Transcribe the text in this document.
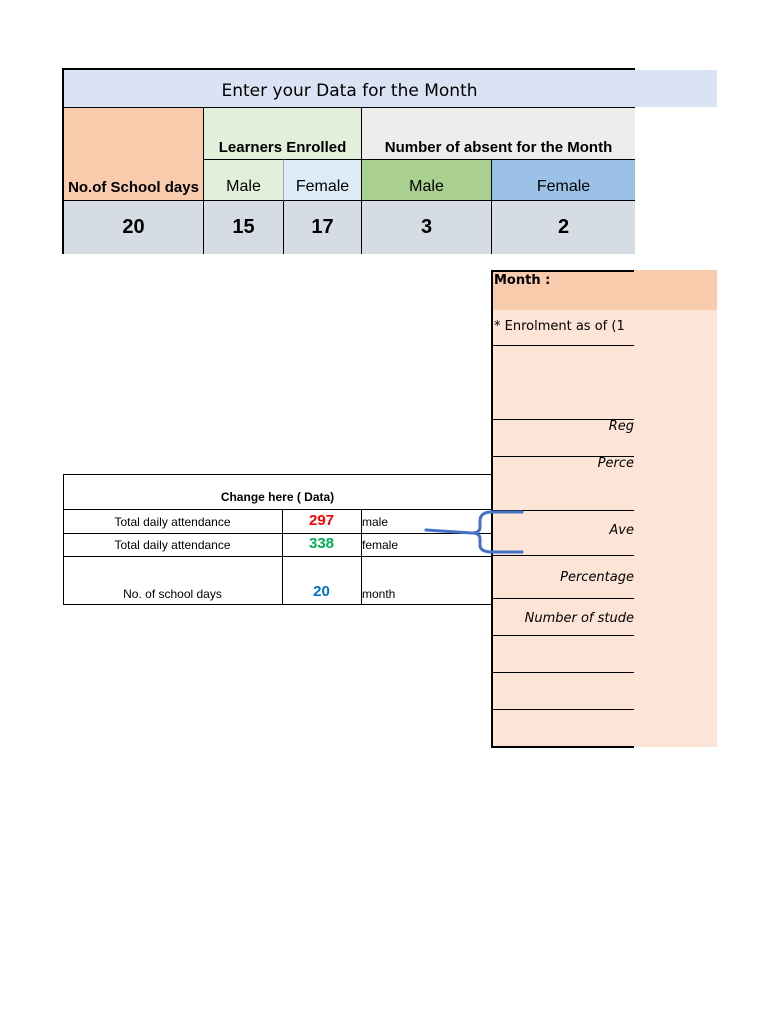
Enter your Data for the Month
No.of School days
Learners Enrolled	Number of absent for the Month
Male	Female	Male	Female
20	15	17	3	2
Month :
* Enrolment as of (1
Reg
Perce
Ave
Percentage
Number of stude
Change here ( Data)
Total daily attendance	297	male
Total daily attendance	338	female
No. of school days	20	month
